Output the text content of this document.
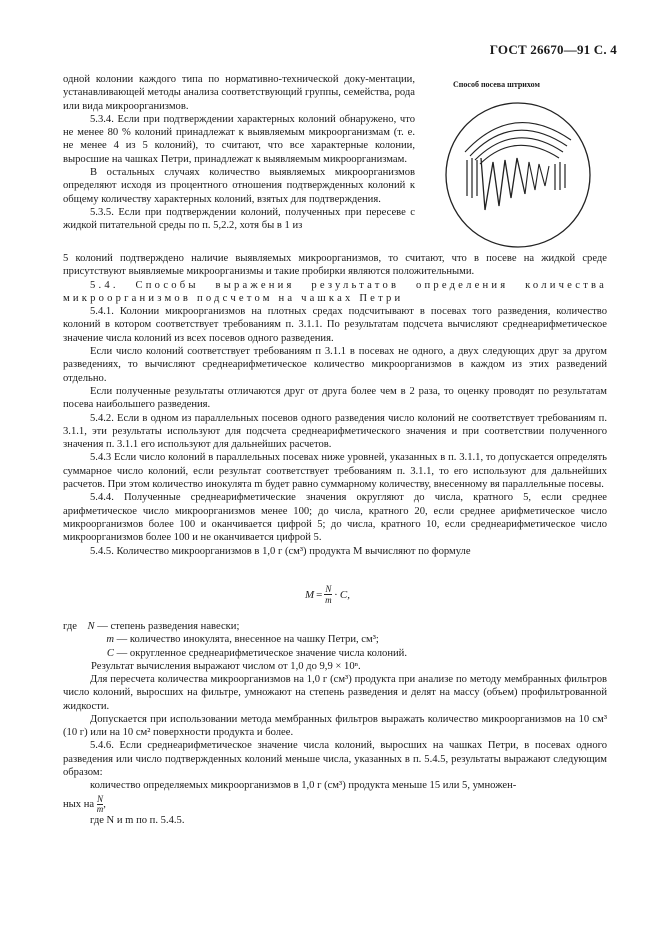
ГОСТ 26670—91 С. 4
Способ посева штрихом

одной колонии каждого типа по нормативно-технической доку-ментации, устанавливающей методы анализа соответствующий группы, семейства, рода или вида микроорганизмов.

5.3.4. Если при подтверждении характерных колоний обнаружено, что не менее 80 % колоний принадлежат к выявляемым микроорганизмам (т. е. не менее 4 из 5 колоний), то считают, что все характерные колонии, выросшие на чашках Петри, принадлежат к выявляемым микроорганизмам.

В остальных случаях количество выявляемых микроорганизмов определяют исходя из процентного отношения подтвержденных колоний к общему количеству характерных колоний, взятых для подтверждения.

5.3.5. Если при подтверждении колоний, полученных при пересеве с жидкой питательной среды по п. 5,2.2, хотя бы в 1 из

5 колоний подтверждено наличие выявляемых микроорганизмов, то считают, что в посеве на жидкой среде присутствуют выявляемые микроорганизмы и такие пробирки являются положительными.

5.4. Способы выражения результатов определения количества микроорганизмов подсчетом на чашках Петри

5.4.1. Колонии микроорганизмов на плотных средах подсчитывают в посевах того разведения, количество колоний в котором соответствует требованиям п. 3.1.1. По результатам подсчета вычисляют среднеарифметическое значение числа колоний из всех посевов одного разведения.

Если число колоний соответствует требованиям п 3.1.1 в посевах не одного, а двух следующих друг за другом разведениях, то вычисляют среднеарифметическое количество микроорганизмов в каждом из этих разведений отдельно.

Если полученные результаты отличаются друг от друга более чем в 2 раза, то оценку проводят по результатам посева наибольшего разведения.

5.4.2. Если в одном из параллельных посевов одного разведения число колоний не соответствует требованиям п. 3.1.1, эти результаты используют для подсчета среднеарифметического значения и при соответствии полученного значения п. 3.1.1 его используют для дальнейших расчетов.

5.4.3 Если число колоний в параллельных посевах ниже уровней, указанных в п. 3.1.1, то допускается определять суммарное число колоний, если результат соответствует требованиям п. 3.1.1, то его используют для дальнейших расчетов. При этом количество инокулята m будет равно суммарному количеству, внесенному вя параллельные посевы.

5.4.4. Полученные среднеарифметические значения округляют до числа, кратного 5, если среднее арифметическое число микроорганизмов менее 100; до числа, кратного 20, если среднее арифметическое число микроорганизмов более 100 и оканчивается цифрой 5; до числа, кратного 10, если среднеарифметическое число микроорганизмов более 100 и не оканчивается цифрой 5.

5.4.5. Количество микроорганизмов в 1,0 г (см³) продукта M вычисляют по формуле

$M = \frac{N}{m} \cdot C$,
где N — степень разведения навески;
m — количество инокулята, внесенное на чашку Петри, см³;
C — округленное среднеарифметическое значение числа колоний.
Результат вычисления выражают числом от 1,0 до 9,9 × 10ⁿ.

Для пересчета количества микроорганизмов на 1,0 г (см³) продукта при анализе по методу мембранных фильтров число колоний, выросших на фильтре, умножают на степень разведения и делят на массу (объем) профильтрованной жидкости.

Допускается при использовании метода мембранных фильтров выражать количество микроорганизмов на 10 см³ (10 г) или на 10 см² поверхности продукта и более.

5.4.6. Если среднеарифметическое значение числа колоний, выросших на чашках Петри, в посевах одного разведения или число подтвержденных колоний меньше числа, указанных в п. 5.4.5, результаты выражают следующим образом:

количество определяемых микроорганизмов в 1,0 г (см³) продукта меньше 15 или 5, умножен-

ных на $\frac{N}{m}$ ,

где N и m по п. 5.4.5.
